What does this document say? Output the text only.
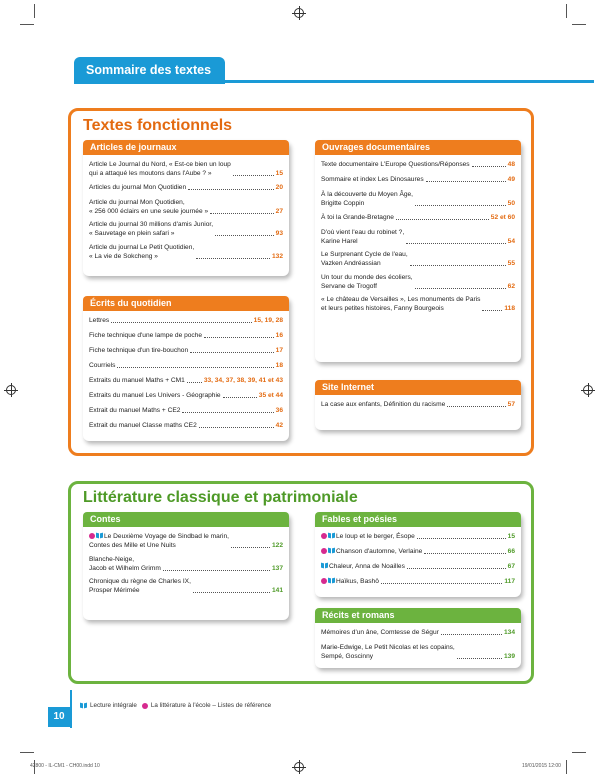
Sommaire des textes
Textes fonctionnels
Articles de journaux
Article Le Journal du Nord, « Est-ce bien un loup
qui a attaqué les moutons dans l'Aube ? »	15
Articles du journal Mon Quotidien	20
Article du journal Mon Quotidien,
« 256 000 éclairs en une seule journée »	27
Article du journal 30 millions d'amis Junior,
« Sauvetage en plein safari »	93
Article du journal Le Petit Quotidien,
« La vie de Sokcheng »	132
Écrits du quotidien
Lettres	15, 19, 28
Fiche technique d'une lampe de poche	16
Fiche technique d'un tire-bouchon	17
Courriels	18
Extraits du manuel Maths + CM1	33, 34, 37, 38, 39, 41 et 43
Extraits du manuel Les Univers - Géographie	35 et 44
Extrait du manuel Maths + CE2	36
Extrait du manuel Classe maths CE2	42
Ouvrages documentaires
Texte documentaire L'Europe Questions/Réponses	48
Sommaire et index Les Dinosaures	49
À la découverte du Moyen Âge,
Brigitte Coppin	50
À toi la Grande-Bretagne	52 et 60
D'où vient l'eau du robinet ?,
Karine Harel	54
Le Surprenant Cycle de l'eau,
Vazken Andréassian	55
Un tour du monde des écoliers,
Servane de Trogoff	62
« Le château de Versailles », Les monuments de Paris
et leurs petites histoires, Fanny Bourgeois	118
Site Internet
La case aux enfants, Définition du racisme	57
Littérature classique et patrimoniale
Contes
Le Deuxième Voyage de Sindbad le marin,
Contes des Mille et Une Nuits	122
Blanche-Neige,
Jacob et Wilhelm Grimm	137
Chronique du règne de Charles IX,
Prosper Mérimée	141
Fables et poésies
Le loup et le berger, Ésope	15
Chanson d'automne, Verlaine	66
Chaleur, Anna de Noailles	67
Haïkus, Bashô	117
Récits et romans
Mémoires d'un âne, Comtesse de Ségur	134
Marie-Edwige, Le Petit Nicolas et les copains,
Sempé, Goscinny	139
Lecture intégrale La littérature à l'école – Listes de référence
10
42800 - IL-CM1 - CH00.indd 10	19/01/2015 12:00
